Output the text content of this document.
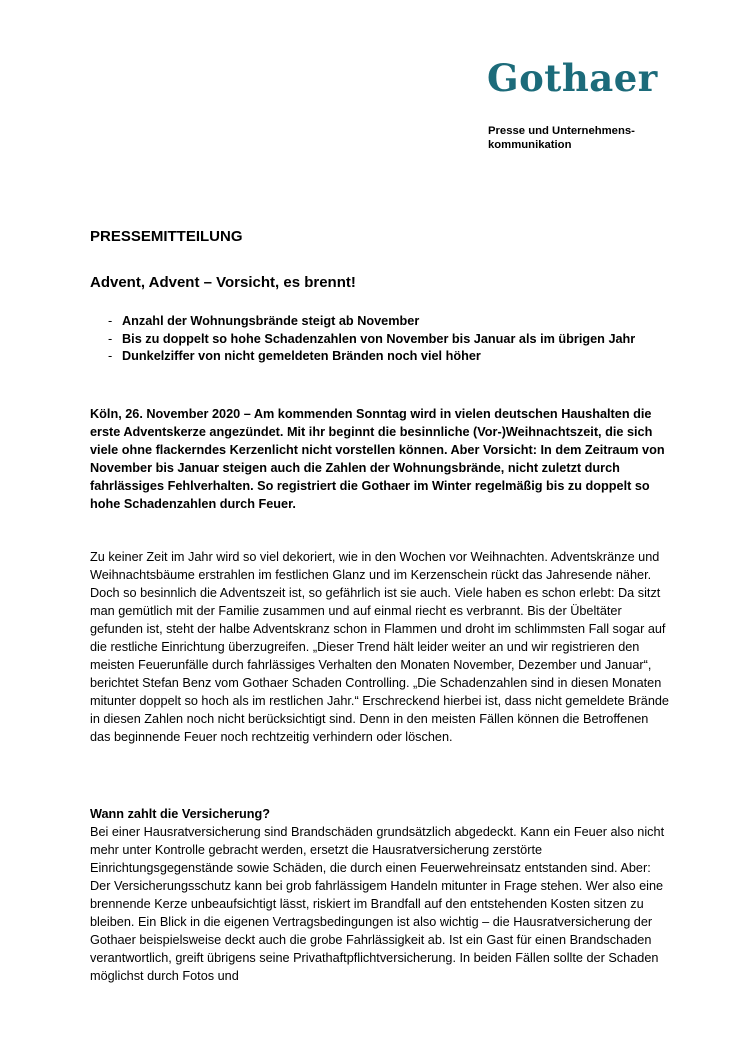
Gothaer
Presse und Unternehmens-kommunikation
PRESSEMITTEILUNG
Advent, Advent – Vorsicht, es brennt!
- Anzahl der Wohnungsbrände steigt ab November
- Bis zu doppelt so hohe Schadenzahlen von November bis Januar als im übrigen Jahr
- Dunkelziffer von nicht gemeldeten Bränden noch viel höher

Köln, 26. November 2020 – Am kommenden Sonntag wird in vielen deutschen Haushalten die erste Adventskerze angezündet. Mit ihr beginnt die besinnliche (Vor-)Weihnachtszeit, die sich viele ohne flackerndes Kerzenlicht nicht vorstellen können. Aber Vorsicht: In dem Zeitraum von November bis Januar steigen auch die Zahlen der Wohnungsbrände, nicht zuletzt durch fahrlässiges Fehlverhalten. So registriert die Gothaer im Winter regelmäßig bis zu doppelt so hohe Schadenzahlen durch Feuer.

Zu keiner Zeit im Jahr wird so viel dekoriert, wie in den Wochen vor Weihnachten. Adventskränze und Weihnachtsbäume erstrahlen im festlichen Glanz und im Kerzenschein rückt das Jahresende näher. Doch so besinnlich die Adventszeit ist, so gefährlich ist sie auch. Viele haben es schon erlebt: Da sitzt man gemütlich mit der Familie zusammen und auf einmal riecht es verbrannt. Bis der Übeltäter gefunden ist, steht der halbe Adventskranz schon in Flammen und droht im schlimmsten Fall sogar auf die restliche Einrichtung überzugreifen. „Dieser Trend hält leider weiter an und wir registrieren den meisten Feuerunfälle durch fahrlässiges Verhalten den Monaten November, Dezember und Januar“, berichtet Stefan Benz vom Gothaer Schaden Controlling. „Die Schadenzahlen sind in diesen Monaten mitunter doppelt so hoch als im restlichen Jahr.“ Erschreckend hierbei ist, dass nicht gemeldete Brände in diesen Zahlen noch nicht berücksichtigt sind. Denn in den meisten Fällen können die Betroffenen das beginnende Feuer noch rechtzeitig verhindern oder löschen.

Wann zahlt die Versicherung?

Bei einer Hausratversicherung sind Brandschäden grundsätzlich abgedeckt. Kann ein Feuer also nicht mehr unter Kontrolle gebracht werden, ersetzt die Hausratversicherung zerstörte Einrichtungsgegenstände sowie Schäden, die durch einen Feuerwehreinsatz entstanden sind. Aber: Der Versicherungsschutz kann bei grob fahrlässigem Handeln mitunter in Frage stehen. Wer also eine brennende Kerze unbeaufsichtigt lässt, riskiert im Brandfall auf den entstehenden Kosten sitzen zu bleiben. Ein Blick in die eigenen Vertragsbedingungen ist also wichtig – die Hausratversicherung der Gothaer beispielsweise deckt auch die grobe Fahrlässigkeit ab. Ist ein Gast für einen Brandschaden verantwortlich, greift übrigens seine Privathaftpflichtversicherung. In beiden Fällen sollte der Schaden möglichst durch Fotos und
